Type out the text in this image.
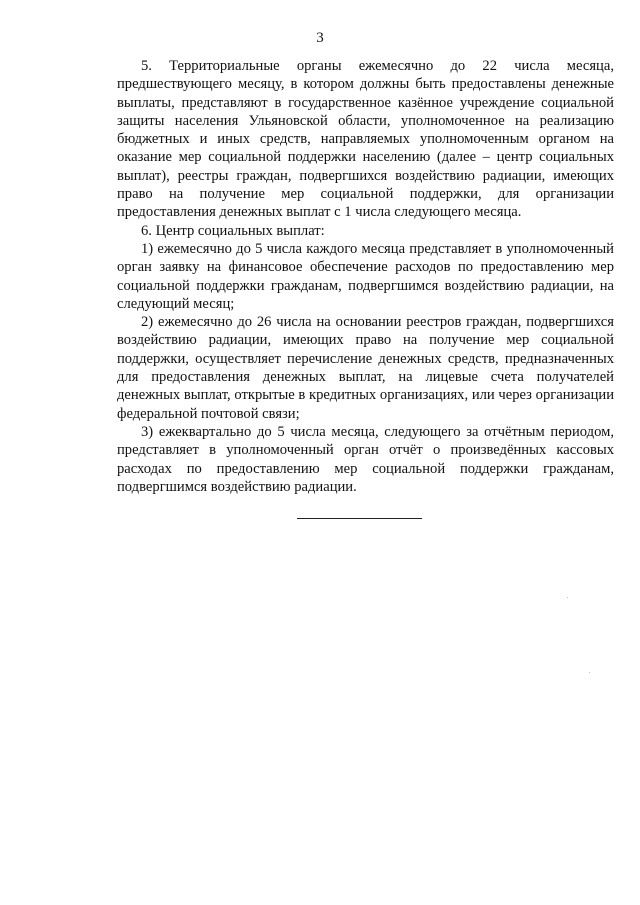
3

5. Территориальные органы ежемесячно до 22 числа месяца, предшествующего месяцу, в котором должны быть предоставлены денежные выплаты, представляют в государственное казённое учреждение социальной защиты населения Ульяновской области, уполномоченное на реализацию бюджетных и иных средств, направляемых уполномоченным органом на оказание мер социальной поддержки населению (далее – центр социальных выплат), реестры граждан, подвергшихся воздействию радиации, имеющих право на получение мер социальной поддержки, для организации предоставления денежных выплат с 1 числа следующего месяца.

6. Центр социальных выплат:

1) ежемесячно до 5 числа каждого месяца представляет в уполномоченный орган заявку на финансовое обеспечение расходов по предоставлению мер социальной поддержки гражданам, подвергшимся воздействию радиации, на следующий месяц;

2) ежемесячно до 26 числа на основании реестров граждан, подвергшихся воздействию радиации, имеющих право на получение мер социальной поддержки, осуществляет перечисление денежных средств, предназначенных для предоставления денежных выплат, на лицевые счета получателей денежных выплат, открытые в кредитных организациях, или через организации федеральной почтовой связи;

3) ежеквартально до 5 числа месяца, следующего за отчётным периодом, представляет в уполномоченный орган отчёт о произведённых кассовых расходах по предоставлению мер социальной поддержки гражданам, подвергшимся воздействию радиации.
